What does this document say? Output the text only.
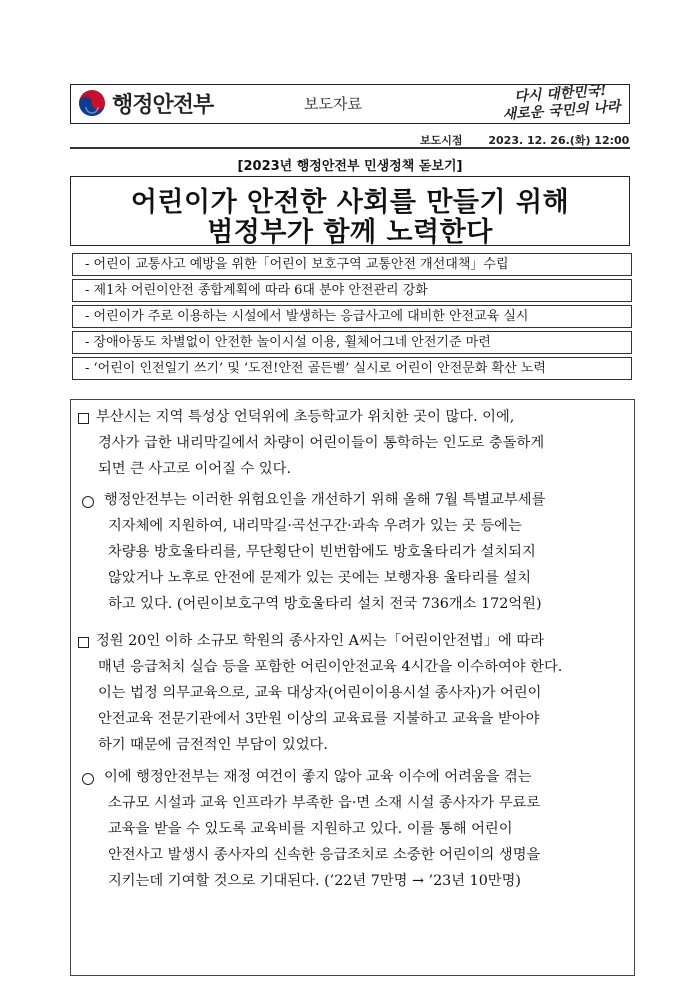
행정안전부	보도자료	다시 대한민국!
새로운 국민의 나라
보도시점 2023. 12. 26.(화) 12:00
[2023년 행정안전부 민생정책 돋보기]
어린이가 안전한 사회를 만들기 위해
범정부가 함께 노력한다
- 어린이 교통사고 예방을 위한「어린이 보호구역 교통안전 개선대책」수립
- 제1차 어린이안전 종합계획에 따라 6대 분야 안전관리 강화
- 어린이가 주로 이용하는 시설에서 발생하는 응급사고에 대비한 안전교육 실시
- 장애아동도 차별없이 안전한 놀이시설 이용, 휠체어그네 안전기준 마련
- ‘어린이 인전일기 쓰기’ 및 ‘도전!안전 골든벨’ 실시로 어린이 안전문화 확산 노력

부산시는 지역 특성상 언덕위에 초등학교가 위치한 곳이 많다. 이에,

경사가 급한 내리막길에서 차량이 어린이들이 통학하는 인도로 충돌하게

되면 큰 사고로 이어질 수 있다.

행정안전부는 이러한 위험요인을 개선하기 위해 올해 7월 특별교부세를

지자체에 지원하여, 내리막길·곡선구간·과속 우려가 있는 곳 등에는

차량용 방호울타리를, 무단횡단이 빈번함에도 방호울타리가 설치되지

않았거나 노후로 안전에 문제가 있는 곳에는 보행자용 울타리를 설치

하고 있다. (어린이보호구역 방호울타리 설치 전국 736개소 172억원)

정원 20인 이하 소규모 학원의 종사자인 A씨는「어린이안전법」에 따라

매년 응급처치 실습 등을 포함한 어린이안전교육 4시간을 이수하여야 한다.

이는 법정 의무교육으로, 교육 대상자(어린이이용시설 종사자)가 어린이

안전교육 전문기관에서 3만원 이상의 교육료를 지불하고 교육을 받아야

하기 때문에 금전적인 부담이 있었다.

이에 행정안전부는 재정 여건이 좋지 않아 교육 이수에 어려움을 겪는

소규모 시설과 교육 인프라가 부족한 읍·면 소재 시설 종사자가 무료로

교육을 받을 수 있도록 교육비를 지원하고 있다. 이를 통해 어린이

안전사고 발생시 종사자의 신속한 응급조치로 소중한 어린이의 생명을

지키는데 기여할 것으로 기대된다. (’22년 7만명 → ’23년 10만명)
